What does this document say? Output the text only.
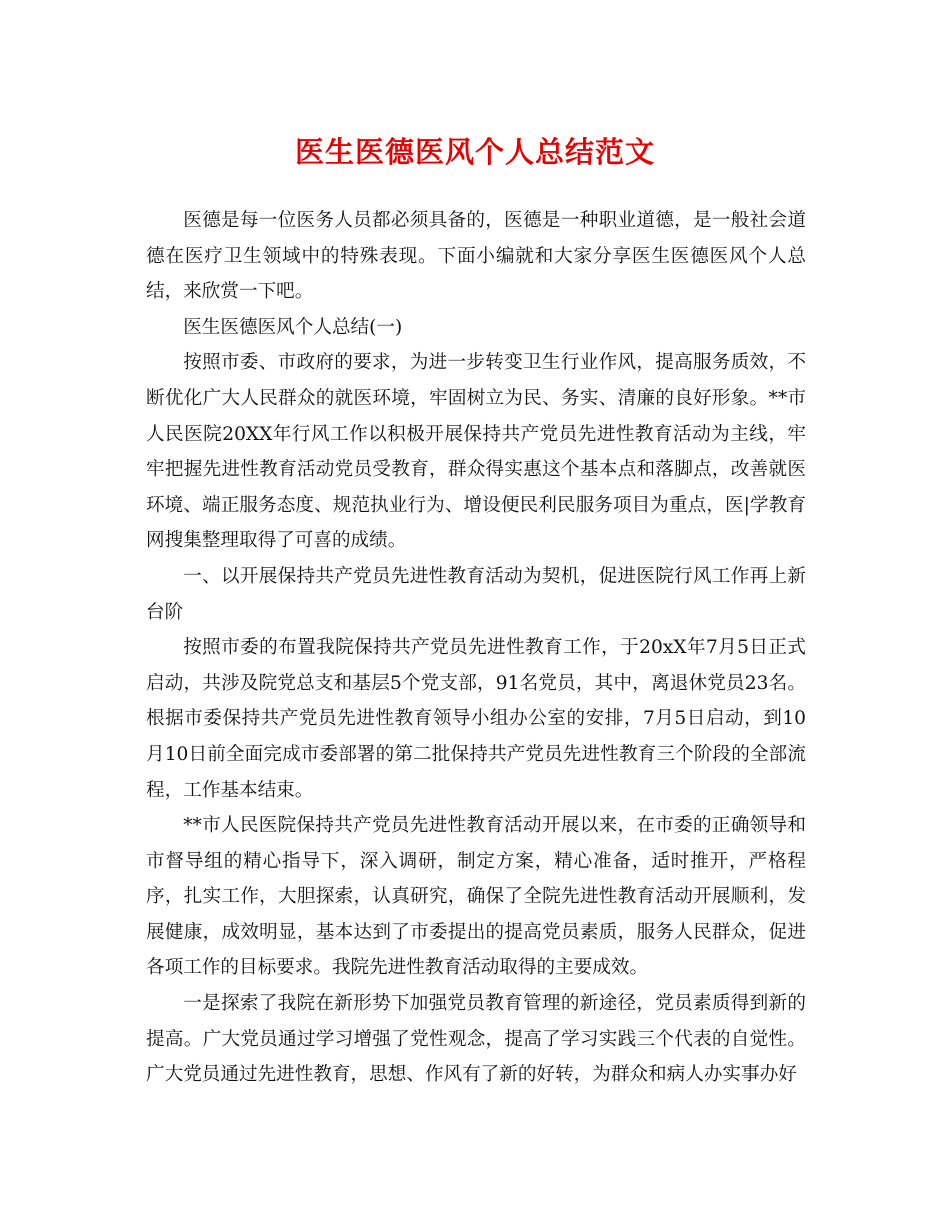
医生医德医风个人总结范文

医德是每一位医务人员都必须具备的，医德是一种职业道德，是一般社会道德在医疗卫生领域中的特殊表现。下面小编就和大家分享医生医德医风个人总结，来欣赏一下吧。

医生医德医风个人总结(一)

按照市委、市政府的要求，为进一步转变卫生行业作风，提高服务质效，不断优化广大人民群众的就医环境，牢固树立为民、务实、清廉的良好形象。**市人民医院20XX年行风工作以积极开展保持共产党员先进性教育活动为主线，牢牢把握先进性教育活动党员受教育，群众得实惠这个基本点和落脚点，改善就医环境、端正服务态度、规范执业行为、增设便民利民服务项目为重点，医|学教育网搜集整理取得了可喜的成绩。

一、以开展保持共产党员先进性教育活动为契机，促进医院行风工作再上新台阶

按照市委的布置我院保持共产党员先进性教育工作，于20xX年7月5日正式启动，共涉及院党总支和基层5个党支部，91名党员，其中，离退休党员23名。根据市委保持共产党员先进性教育领导小组办公室的安排，7月5日启动，到10月10日前全面完成市委部署的第二批保持共产党员先进性教育三个阶段的全部流程，工作基本结束。

**市人民医院保持共产党员先进性教育活动开展以来，在市委的正确领导和市督导组的精心指导下，深入调研，制定方案，精心准备，适时推开，严格程序，扎实工作，大胆探索，认真研究，确保了全院先进性教育活动开展顺利，发展健康，成效明显，基本达到了市委提出的提高党员素质，服务人民群众，促进各项工作的目标要求。我院先进性教育活动取得的主要成效。

一是探索了我院在新形势下加强党员教育管理的新途径，党员素质得到新的提高。广大党员通过学习增强了党性观念，提高了学习实践三个代表的自觉性。广大党员通过先进性教育，思想、作风有了新的好转，为群众和病人办实事办好
